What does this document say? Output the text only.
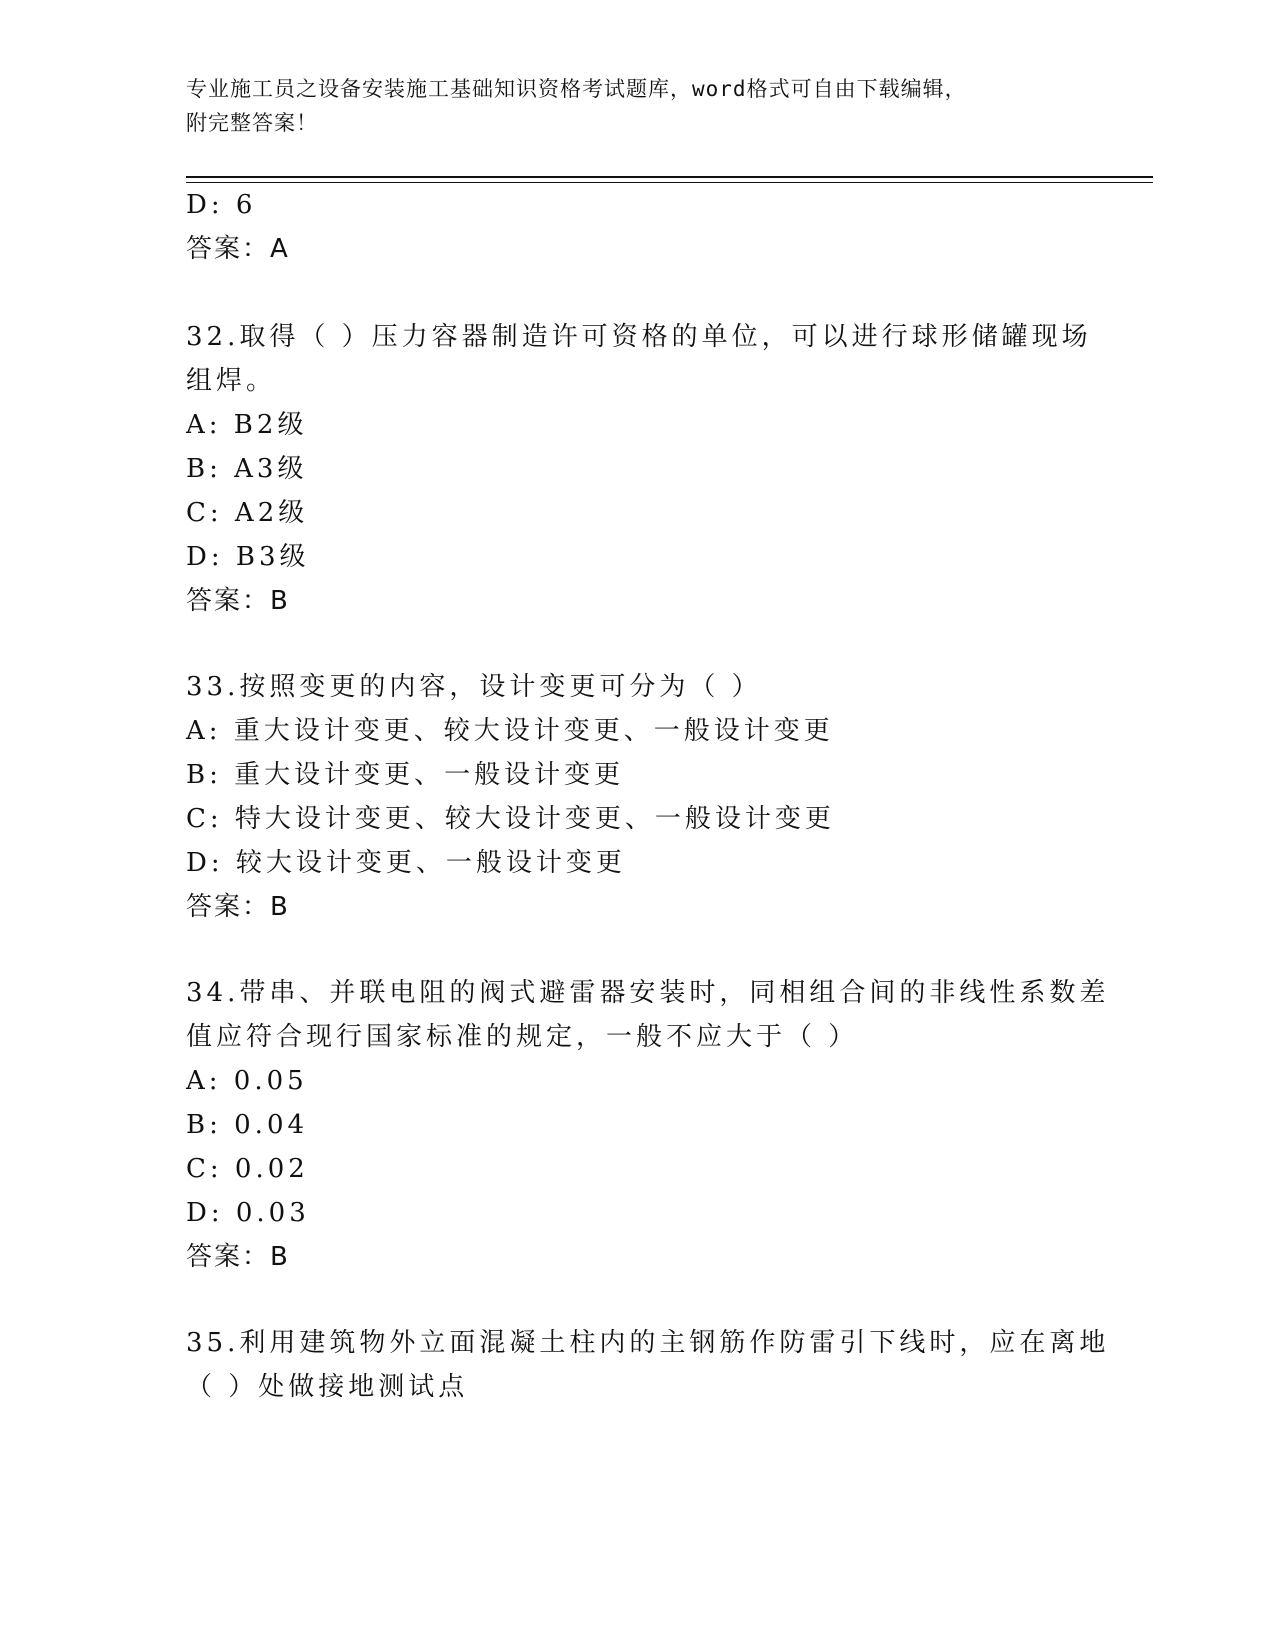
专业施工员之设备安装施工基础知识资格考试题库，word格式可自由下载编辑，
附完整答案！
D: 6
答案：A
32.取得（ ）压力容器制造许可资格的单位，可以进行球形储罐现场
组焊。
A: B2级
B: A3级
C: A2级
D: B3级
答案：B
33.按照变更的内容，设计变更可分为（ ）
A: 重大设计变更、较大设计变更、一般设计变更
B: 重大设计变更、一般设计变更
C: 特大设计变更、较大设计变更、一般设计变更
D: 较大设计变更、一般设计变更
答案：B
34.带串、并联电阻的阀式避雷器安装时，同相组合间的非线性系数差
值应符合现行国家标准的规定，一般不应大于（ ）
A: 0.05
B: 0.04
C: 0.02
D: 0.03
答案：B
35.利用建筑物外立面混凝土柱内的主钢筋作防雷引下线时，应在离地
（ ）处做接地测试点
